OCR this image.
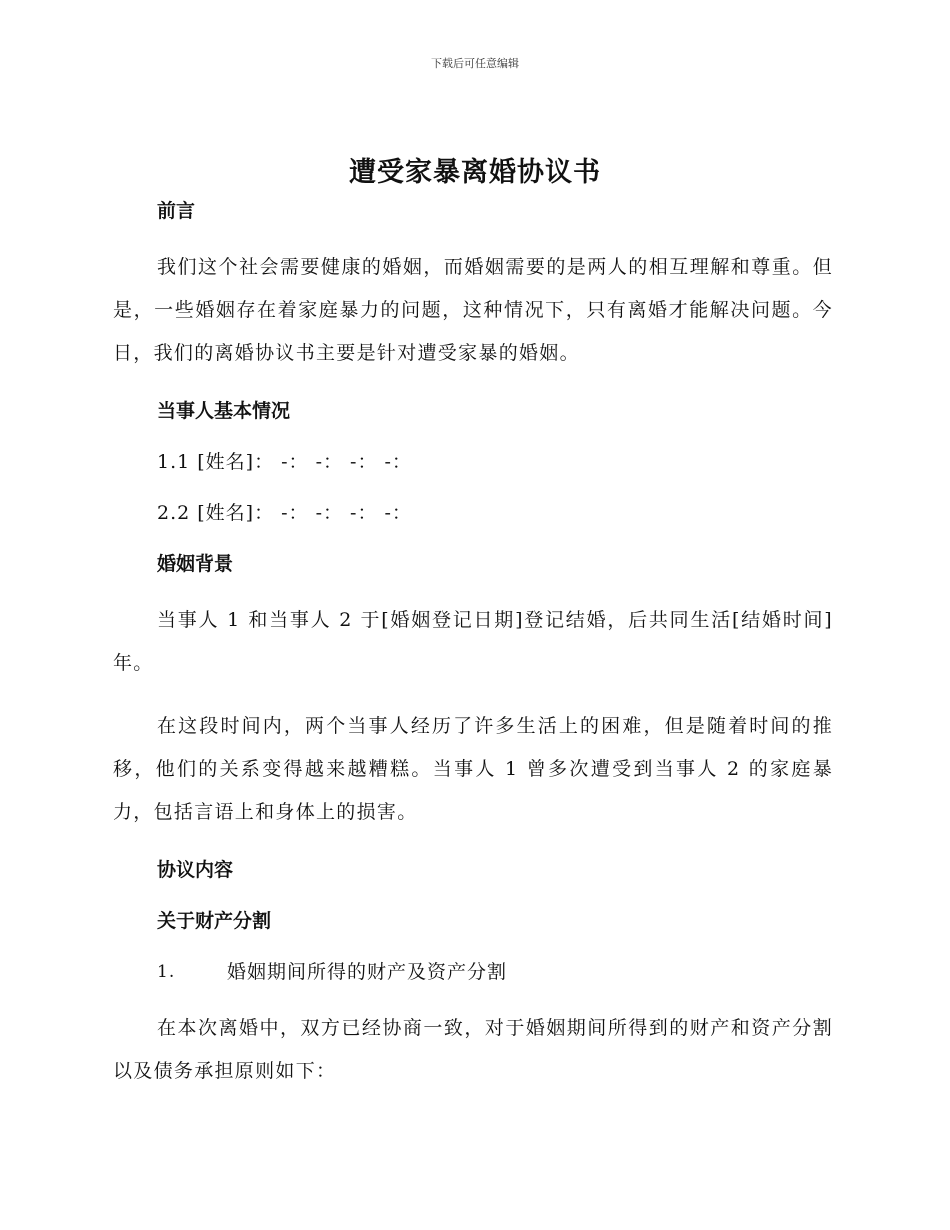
下载后可任意编辑
遭受家暴离婚协议书

前言

我们这个社会需要健康的婚姻，而婚姻需要的是两人的相互理解和尊重。但是，一些婚姻存在着家庭暴力的问题，这种情况下，只有离婚才能解决问题。今日，我们的离婚协议书主要是针对遭受家暴的婚姻。

当事人基本情况

1.1 [姓名]： -： -： -： -：

2.2 [姓名]： -： -： -： -：

婚姻背景

当事人 1 和当事人 2 于[婚姻登记日期]登记结婚，后共同生活[结婚时间]年。

在这段时间内，两个当事人经历了许多生活上的困难，但是随着时间的推移，他们的关系变得越来越糟糕。当事人 1 曾多次遭受到当事人 2 的家庭暴力，包括言语上和身体上的损害。

协议内容

关于财产分割

1.	婚姻期间所得的财产及资产分割

在本次离婚中，双方已经协商一致，对于婚姻期间所得到的财产和资产分割以及债务承担原则如下：
